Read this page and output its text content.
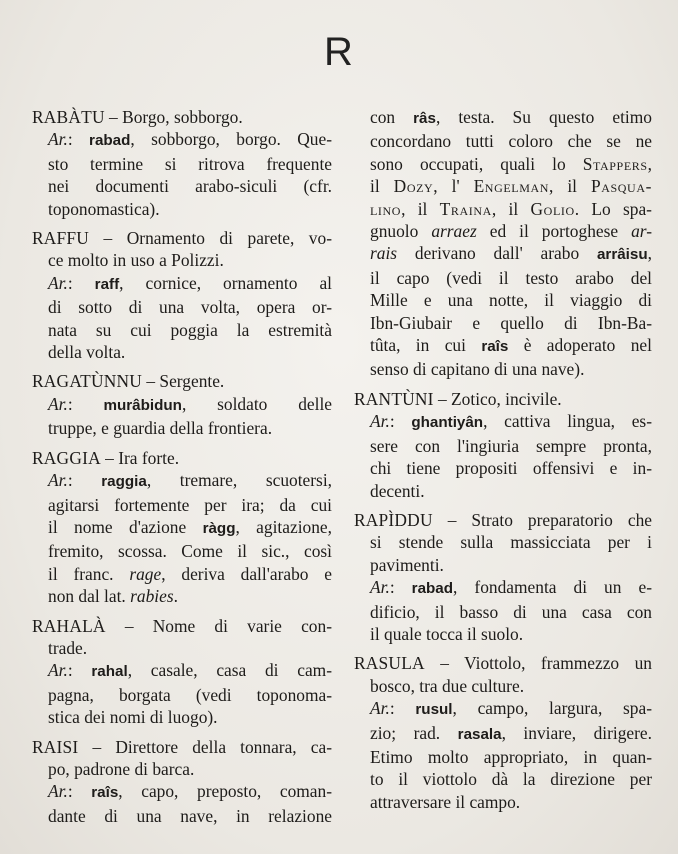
R
RABÀTU – Borgo, sobborgo.
Ar.: rabad, sobborgo, borgo. Que-
sto termine si ritrova frequente
nei documenti arabo-siculi (cfr.
toponomastica).
RAFFU – Ornamento di parete, vo-
ce molto in uso a Polizzi.
Ar.: raff, cornice, ornamento al
di sotto di una volta, opera or-
nata su cui poggia la estremità
della volta.
RAGATÙNNU – Sergente.
Ar.: murâbidun, soldato delle
truppe, e guardia della frontiera.
RAGGIA – Ira forte.
Ar.: raggia, tremare, scuotersi,
agitarsi fortemente per ira; da cui
il nome d'azione ràgg, agitazione,
fremito, scossa. Come il sic., così
il franc. rage, deriva dall'arabo e
non dal lat. rabies.
RAHALÀ – Nome di varie con-
trade.
Ar.: rahal, casale, casa di cam-
pagna, borgata (vedi toponoma-
stica dei nomi di luogo).
RAISI – Direttore della tonnara, ca-
po, padrone di barca.
Ar.: raîs, capo, preposto, coman-
dante di una nave, in relazione
con râs, testa. Su questo etimo
concordano tutti coloro che se ne
sono occupati, quali lo Stappers,
il Dozy, l' Engelman, il Pasqua-
lino, il Traina, il Golio. Lo spa-
gnuolo arraez ed il portoghese ar-
rais derivano dall' arabo arrâisu,
il capo (vedi il testo arabo del
Mille e una notte, il viaggio di
Ibn-Giubair e quello di Ibn-Ba-
tûta, in cui raîs è adoperato nel
senso di capitano di una nave).
RANTÙNI – Zotico, incivile.
Ar.: ghantiyân, cattiva lingua, es-
sere con l'ingiuria sempre pronta,
chi tiene propositi offensivi e in-
decenti.
RAPÌDDU – Strato preparatorio che
si stende sulla massicciata per i
pavimenti.
Ar.: rabad, fondamenta di un e-
dificio, il basso di una casa con
il quale tocca il suolo.
RASULA – Viottolo, frammezzo un
bosco, tra due culture.
Ar.: rusul, campo, largura, spa-
zio; rad. rasala, inviare, dirigere.
Etimo molto appropriato, in quan-
to il viottolo dà la direzione per
attraversare il campo.
